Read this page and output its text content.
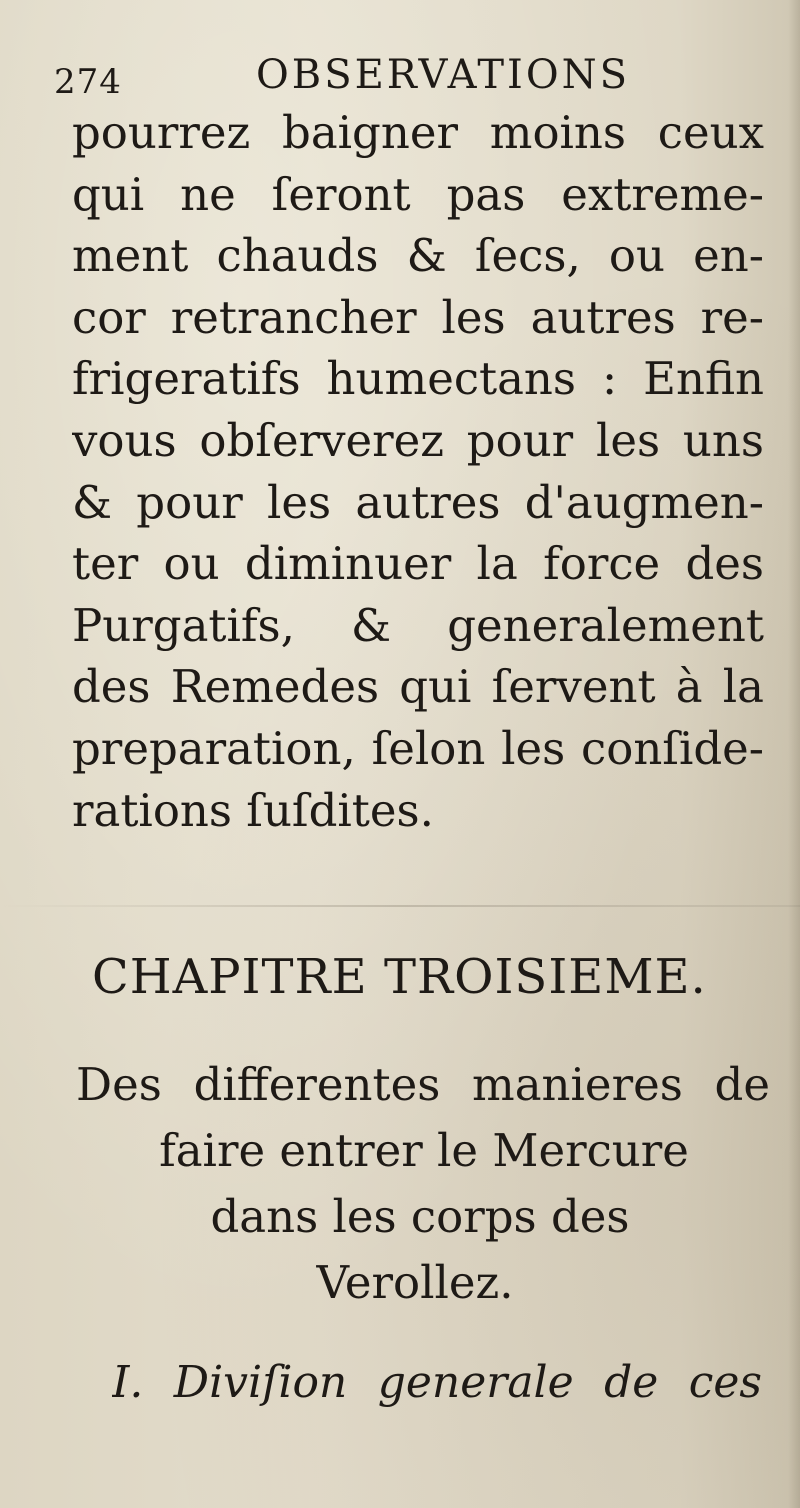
274	OBSERVATIONS
pourrez baigner moins ceux
qui ne ſeront pas extreme-
ment chauds & ſecs, ou en-
cor retrancher les autres re-
frigeratifs humectans : Enfin
vous obſerverez pour les uns
& pour les autres d'augmen-
ter ou diminuer la force des
Purgatifs, & generalement
des Remedes qui ſervent à la
preparation, ſelon les conſide-
rations ſuſdites.
CHAPITRE TROISIEME.
Des differentes manieres de
faire entrer le Mercure
dans les corps des
Verollez.
I. Diviſion generale de ces
